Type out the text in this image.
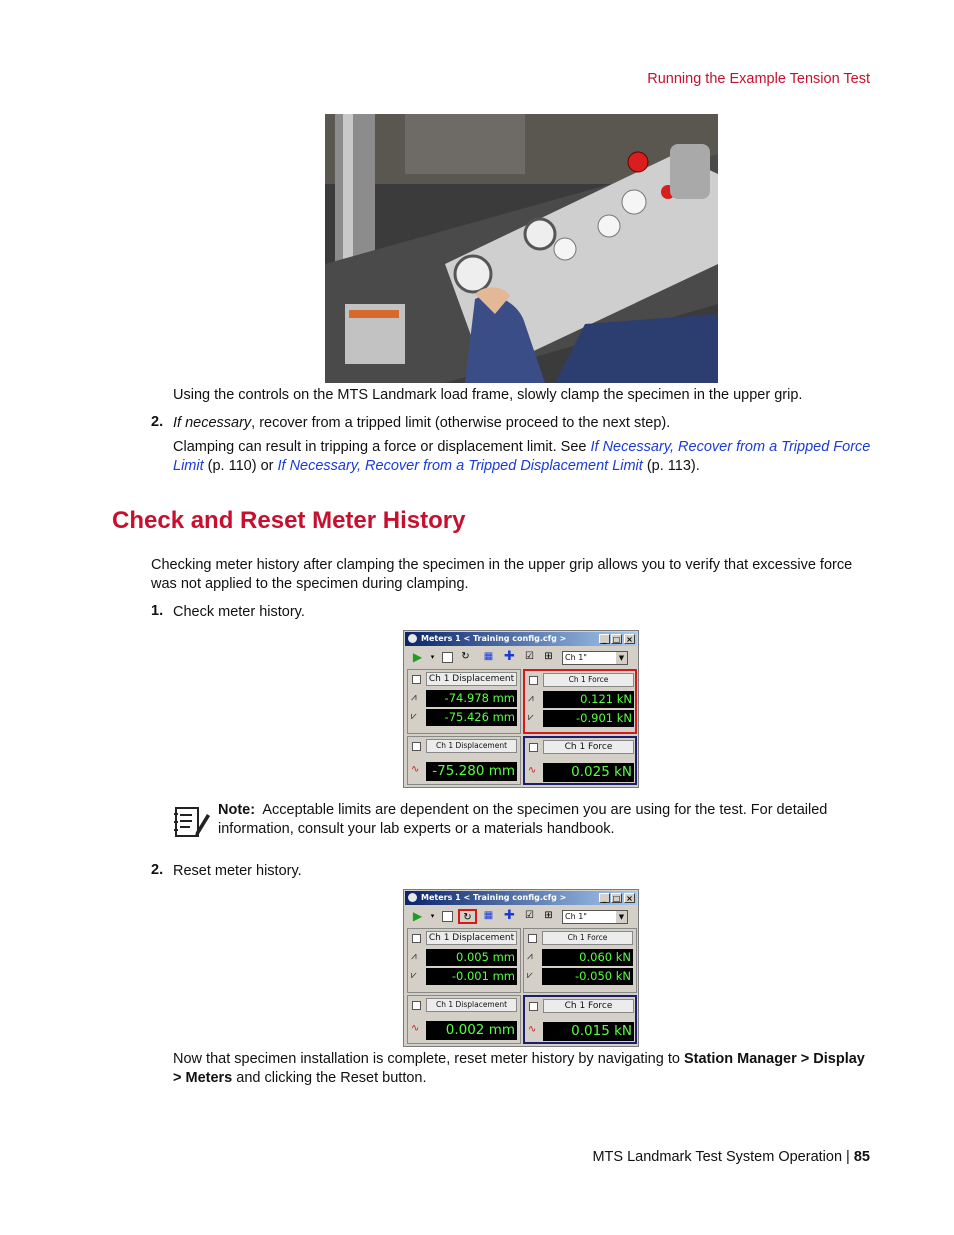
Running the Example Tension Test
Using the controls on the MTS Landmark load frame, slowly clamp the specimen in the upper grip.
2. If necessary, recover from a tripped limit (otherwise proceed to the next step).
Clamping can result in tripping a force or displacement limit. See If Necessary, Recover from a Tripped Force Limit (p. 110) or If Necessary, Recover from a Tripped Displacement Limit (p. 113).
Check and Reset Meter History
Checking meter history after clamping the specimen in the upper grip allows you to verify that excessive force was not applied to the specimen during clamping.
1. Check meter history.
Meters 1 < Training config.cfg >	_ □ ×
▶	▾	↻	▦ ✚	☑	⊞	Ch 1"	▼
Ch 1 Displacement
⩘	-74.978 mm
⩗	-75.426 mm
Ch 1 Force
⩘	0.121 kN
⩗	-0.901 kN
Ch 1 Displacement
∿ -75.280 mm
Ch 1 Force
∿	0.025 kN
Note: Acceptable limits are dependent on the specimen you are using for the test. For detailed information, consult your lab experts or a materials handbook.
2. Reset meter history.
Meters 1 < Training config.cfg >	_ □ ×
▶	▾	↻	▦ ✚	☑	⊞	Ch 1"	▼
Ch 1 Displacement
⩘	0.005 mm
⩗	-0.001 mm
Ch 1 Force
⩘	0.060 kN
⩗	-0.050 kN
Ch 1 Displacement
∿	0.002 mm
Ch 1 Force
∿	0.015 kN
Now that specimen installation is complete, reset meter history by navigating to Station Manager > Display > Meters and clicking the Reset button.
MTS Landmark Test System Operation | 85
